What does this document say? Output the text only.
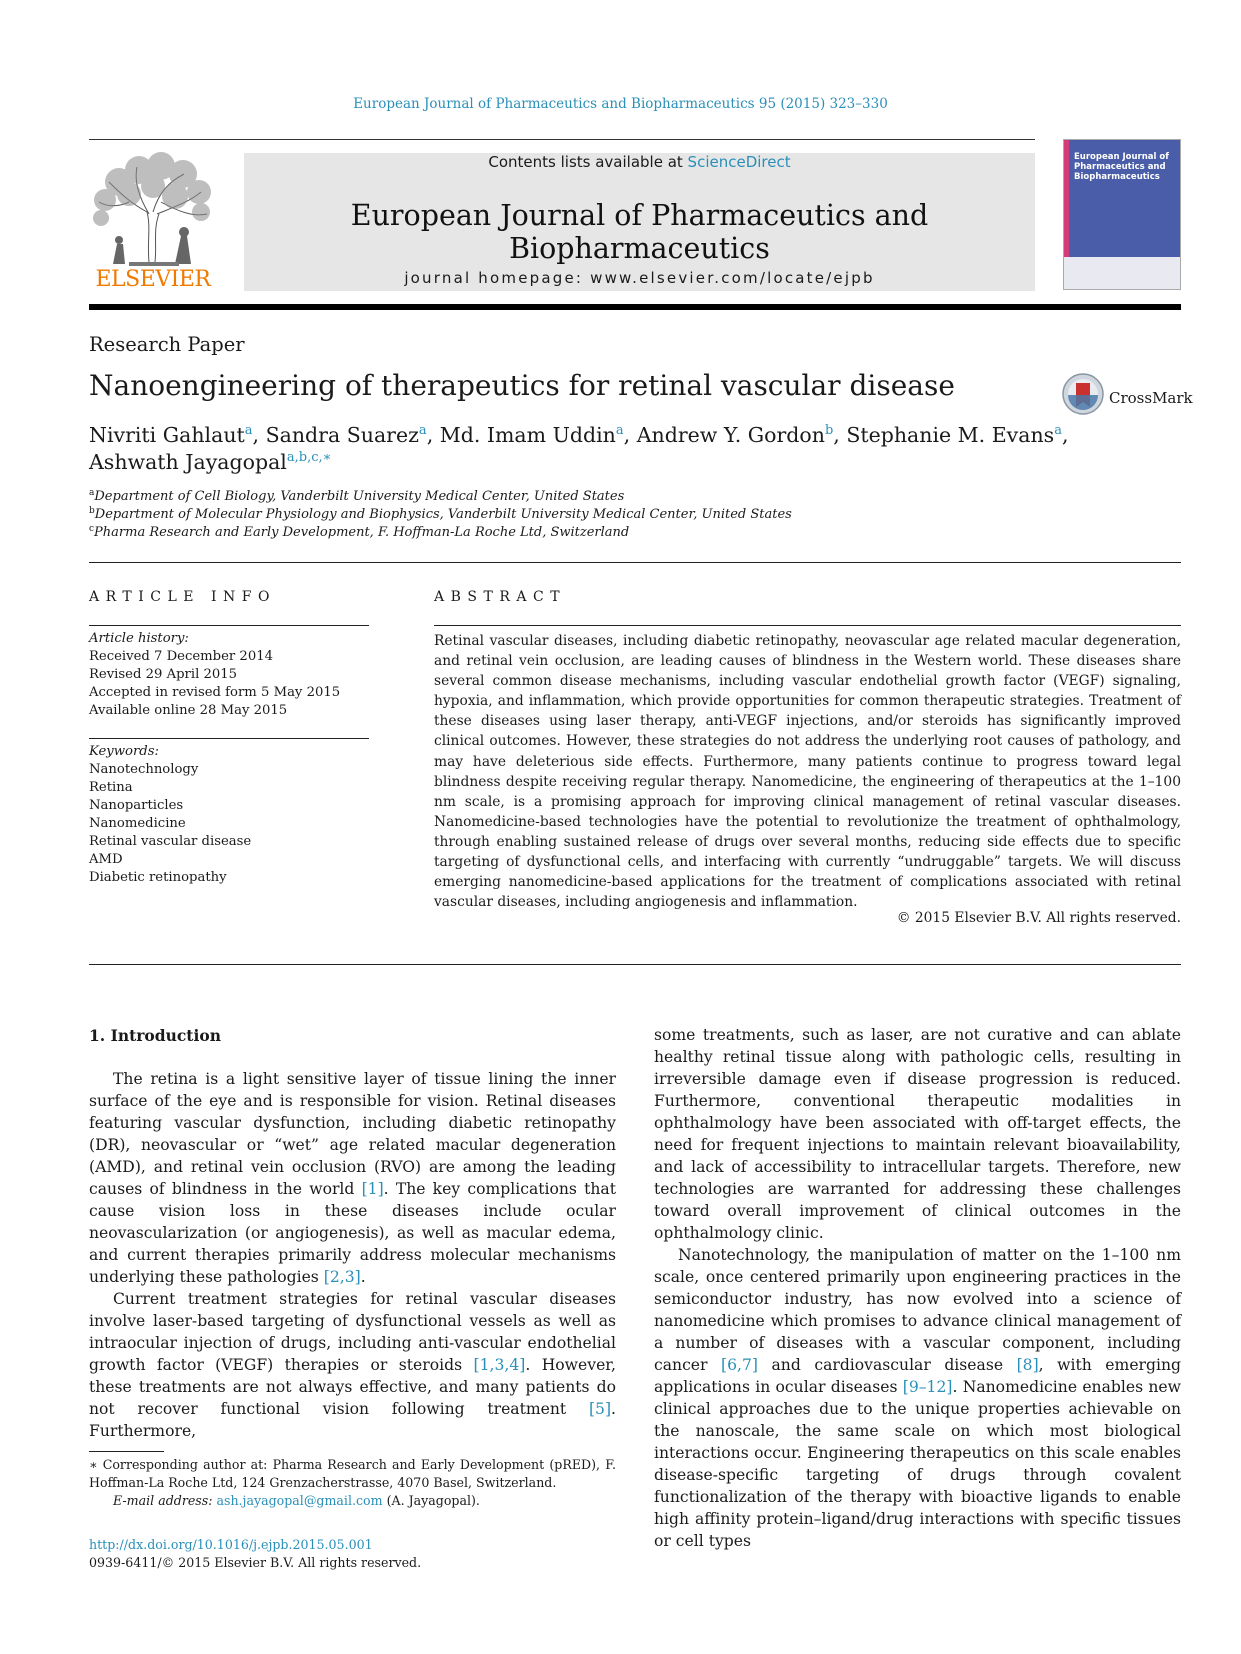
European Journal of Pharmaceutics and Biopharmaceutics 95 (2015) 323–330
ELSEVIER
Contents lists available at ScienceDirect
European Journal of Pharmaceutics and Biopharmaceutics
journal homepage: www.elsevier.com/locate/ejpb
European Journal of Pharmaceutics and Biopharmaceutics
Research Paper
Nanoengineering of therapeutics for retinal vascular disease	CrossMark
Nivriti Gahlaut$^a$, Sandra Suarez$^a$, Md. Imam Uddin$^a$, Andrew Y. Gordon$^b$, Stephanie M. Evans$^a$,
Ashwath Jayagopal$^{a,b,c,∗}$
$^a$Department of Cell Biology, Vanderbilt University Medical Center, United States
$^b$Department of Molecular Physiology and Biophysics, Vanderbilt University Medical Center, United States
$^c$Pharma Research and Early Development, F. Hoffman-La Roche Ltd, Switzerland
ARTICLE INFO
Article history:
Received 7 December 2014
Revised 29 April 2015
Accepted in revised form 5 May 2015
Available online 28 May 2015
Keywords:
Nanotechnology
Retina
Nanoparticles
Nanomedicine
Retinal vascular disease
AMD
Diabetic retinopathy
ABSTRACT
Retinal vascular diseases, including diabetic retinopathy, neovascular age related macular degeneration, and retinal vein occlusion, are leading causes of blindness in the Western world. These diseases share several common disease mechanisms, including vascular endothelial growth factor (VEGF) signaling, hypoxia, and inflammation, which provide opportunities for common therapeutic strategies. Treatment of these diseases using laser therapy, anti-VEGF injections, and/or steroids has significantly improved clinical outcomes. However, these strategies do not address the underlying root causes of pathology, and may have deleterious side effects. Furthermore, many patients continue to progress toward legal blindness despite receiving regular therapy. Nanomedicine, the engineering of therapeutics at the 1–100 nm scale, is a promising approach for improving clinical management of retinal vascular diseases. Nanomedicine-based technologies have the potential to revolutionize the treatment of ophthalmology, through enabling sustained release of drugs over several months, reducing side effects due to specific targeting of dysfunctional cells, and interfacing with currently “undruggable” targets. We will discuss emerging nanomedicine-based applications for the treatment of complications associated with retinal vascular diseases, including angiogenesis and inflammation.
© 2015 Elsevier B.V. All rights reserved.
1. Introduction

The retina is a light sensitive layer of tissue lining the inner surface of the eye and is responsible for vision. Retinal diseases featuring vascular dysfunction, including diabetic retinopathy (DR), neovascular or “wet” age related macular degeneration (AMD), and retinal vein occlusion (RVO) are among the leading causes of blindness in the world [1]. The key complications that cause vision loss in these diseases include ocular neovascularization (or angiogenesis), as well as macular edema, and current therapies primarily address molecular mechanisms underlying these pathologies [2,3].

Current treatment strategies for retinal vascular diseases involve laser-based targeting of dysfunctional vessels as well as intraocular injection of drugs, including anti-vascular endothelial growth factor (VEGF) therapies or steroids [1,3,4]. However, these treatments are not always effective, and many patients do not recover functional vision following treatment [5]. Furthermore,

some treatments, such as laser, are not curative and can ablate healthy retinal tissue along with pathologic cells, resulting in irreversible damage even if disease progression is reduced. Furthermore, conventional therapeutic modalities in ophthalmology have been associated with off-target effects, the need for frequent injections to maintain relevant bioavailability, and lack of accessibility to intracellular targets. Therefore, new technologies are warranted for addressing these challenges toward overall improvement of clinical outcomes in the ophthalmology clinic.

Nanotechnology, the manipulation of matter on the 1–100 nm scale, once centered primarily upon engineering practices in the semiconductor industry, has now evolved into a science of nanomedicine which promises to advance clinical management of a number of diseases with a vascular component, including cancer [6,7] and cardiovascular disease [8], with emerging applications in ocular diseases [9–12]. Nanomedicine enables new clinical approaches due to the unique properties achievable on the nanoscale, the same scale on which most biological interactions occur. Engineering therapeutics on this scale enables disease-specific targeting of drugs through covalent functionalization of the therapy with bioactive ligands to enable high affinity protein–ligand/drug interactions with specific tissues or cell types

∗ Corresponding author at: Pharma Research and Early Development (pRED), F. Hoffman-La Roche Ltd, 124 Grenzacherstrasse, 4070 Basel, Switzerland.
E-mail address: ash.jayagopal@gmail.com (A. Jayagopal).
http://dx.doi.org/10.1016/j.ejpb.2015.05.001
0939-6411/© 2015 Elsevier B.V. All rights reserved.
